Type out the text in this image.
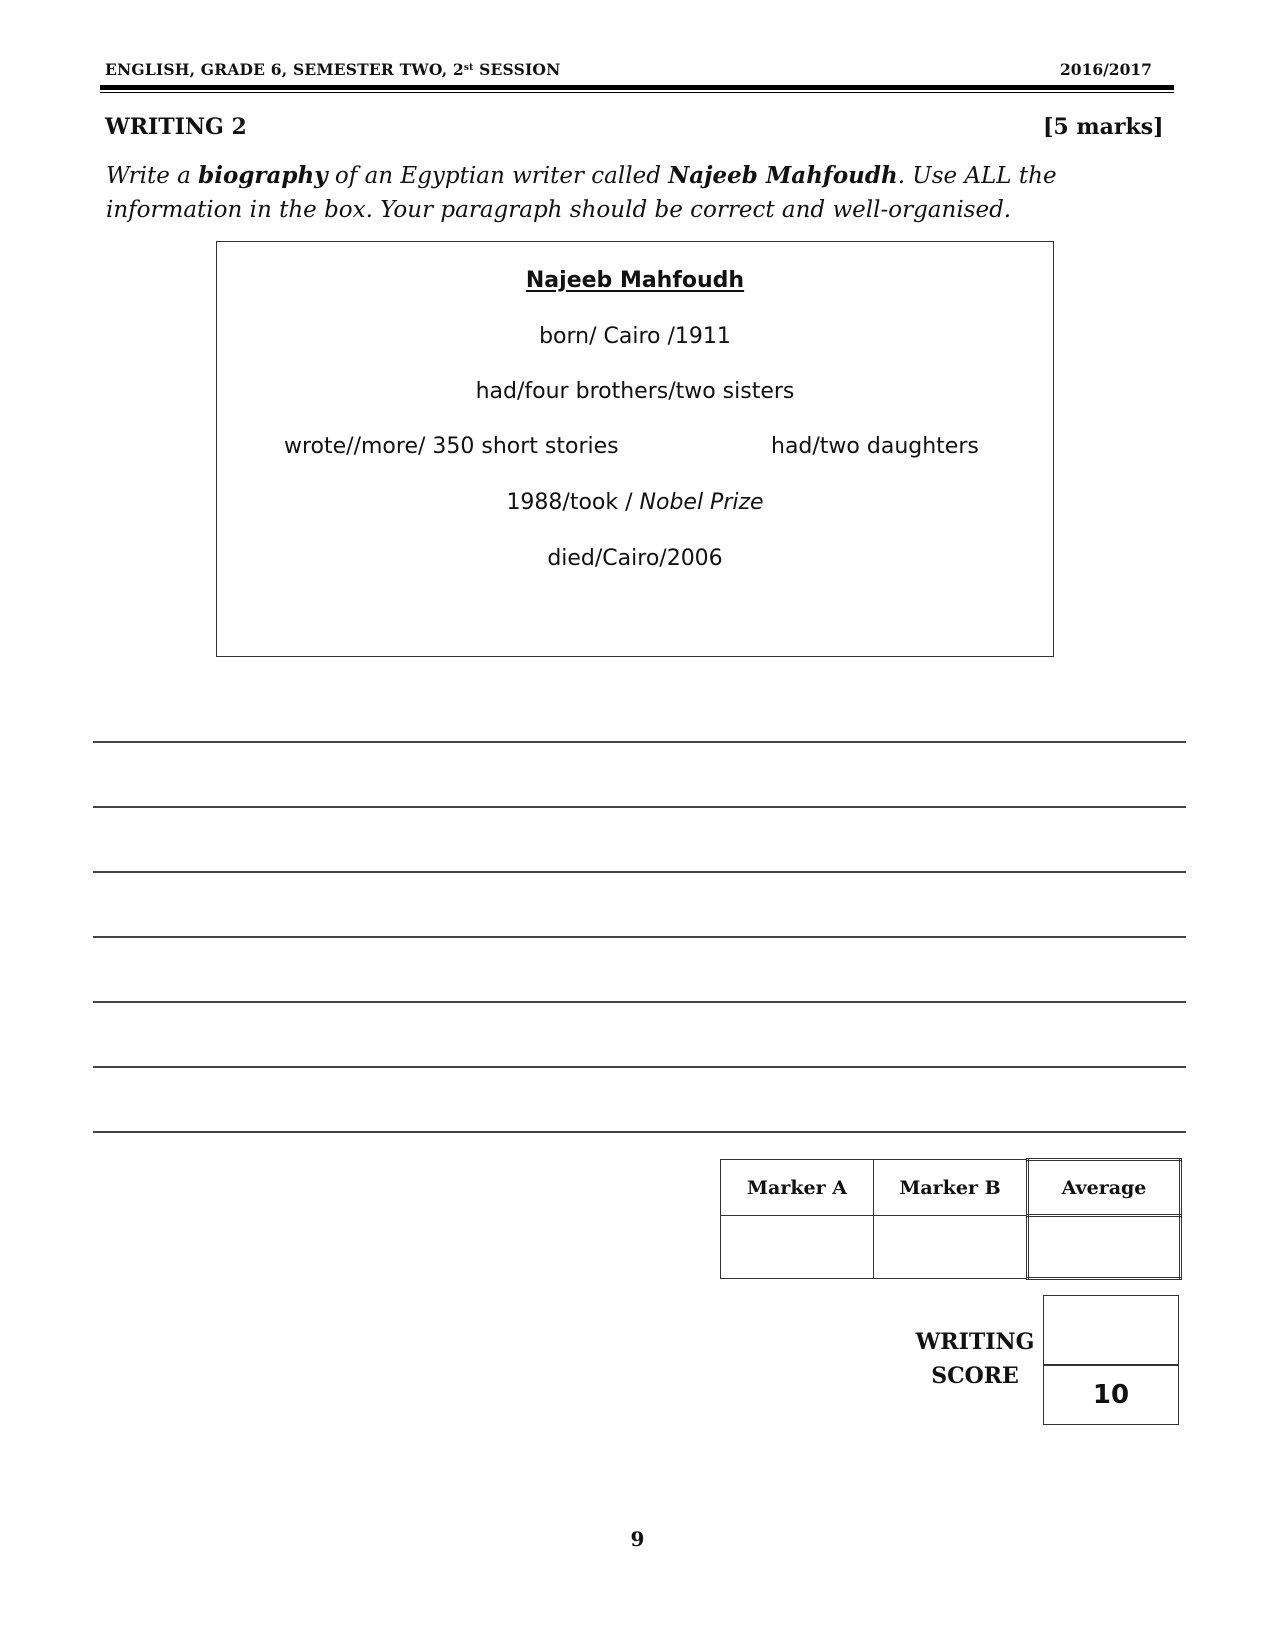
ENGLISH, GRADE 6, SEMESTER TWO, 2st SESSION	2016/2017
WRITING 2	[5 marks]
Write a biography of an Egyptian writer called Najeeb Mahfoudh. Use ALL the information in the box. Your paragraph should be correct and well-organised.
Najeeb Mahfoudh
born/ Cairo /1911
had/four brothers/two sisters
wrote//more/ 350 short stories	had/two daughters
1988/took / Nobel Prize
died/Cairo/2006
Marker A	Marker B	Average

WRITING
SCORE
10
9
